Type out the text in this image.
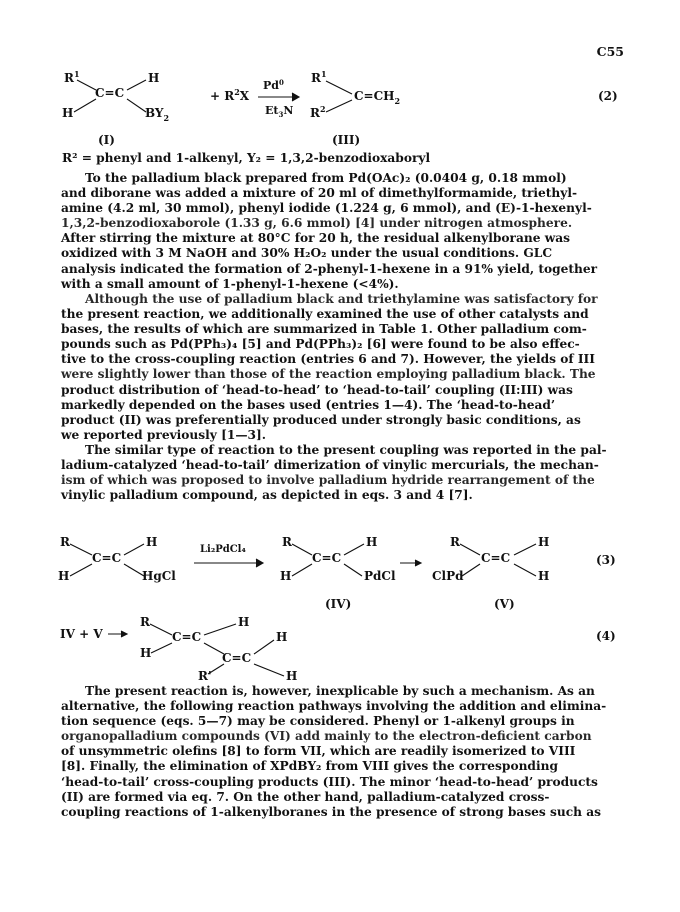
C55
$R^1$	H
C=C
H	$BY_2$
+ $R^2X$
Pd$^0$
$Et_3N$
$R^1$
$C=CH_2$
$R^2$
(2)
(I)	(III)
R² = phenyl and 1-alkenyl, Y₂ = 1,3,2-benzodioxaboryl

To the palladium black prepared from Pd(OAc)₂ (0.0404 g, 0.18 mmol)
and diborane was added a mixture of 20 ml of dimethylformamide, triethyl-
amine (4.2 ml, 30 mmol), phenyl iodide (1.224 g, 6 mmol), and (E)-1-hexenyl-
1,3,2-benzodioxaborole (1.33 g, 6.6 mmol) [4] under nitrogen atmosphere.
After stirring the mixture at 80°C for 20 h, the residual alkenylborane was
oxidized with 3 M NaOH and 30% H₂O₂ under the usual conditions. GLC
analysis indicated the formation of 2-phenyl-1-hexene in a 91% yield, together
with a small amount of 1-phenyl-1-hexene (<4%).

Although the use of palladium black and triethylamine was satisfactory for
the present reaction, we additionally examined the use of other catalysts and
bases, the results of which are summarized in Table 1. Other palladium com-
pounds such as Pd(PPh₃)₄ [5] and Pd(PPh₃)₂ [6] were found to be also effec-
tive to the cross-coupling reaction (entries 6 and 7). However, the yields of III
were slightly lower than those of the reaction employing palladium black. The
product distribution of ‘head-to-head’ to ‘head-to-tail’ coupling (II:III) was
markedly depended on the bases used (entries 1—4). The ‘head-to-head’
product (II) was preferentially produced under strongly basic conditions, as
we reported previously [1—3].

The similar type of reaction to the present coupling was reported in the pal-
ladium-catalyzed ‘head-to-tail’ dimerization of vinylic mercurials, the mechan-
ism of which was proposed to involve palladium hydride rearrangement of the
vinylic palladium compound, as depicted in eqs. 3 and 4 [7].

R	H
C=C
H	HgCl
Li₂PdCl₄
R	H
C=C
H	PdCl
R	H
C=C
ClPd	H
(3)
(IV)	(V)
IV + V
R	H
C=C
H
H
C=C
R'	H
(4)

The present reaction is, however, inexplicable by such a mechanism. As an
alternative, the following reaction pathways involving the addition and elimina-
tion sequence (eqs. 5—7) may be considered. Phenyl or 1-alkenyl groups in
organopalladium compounds (VI) add mainly to the electron-deficient carbon
of unsymmetric olefins [8] to form VII, which are readily isomerized to VIII
[8]. Finally, the elimination of XPdBY₂ from VIII gives the corresponding
‘head-to-tail’ cross-coupling products (III). The minor ‘head-to-head’ products
(II) are formed via eq. 7. On the other hand, palladium-catalyzed cross-
coupling reactions of 1-alkenylboranes in the presence of strong bases such as
